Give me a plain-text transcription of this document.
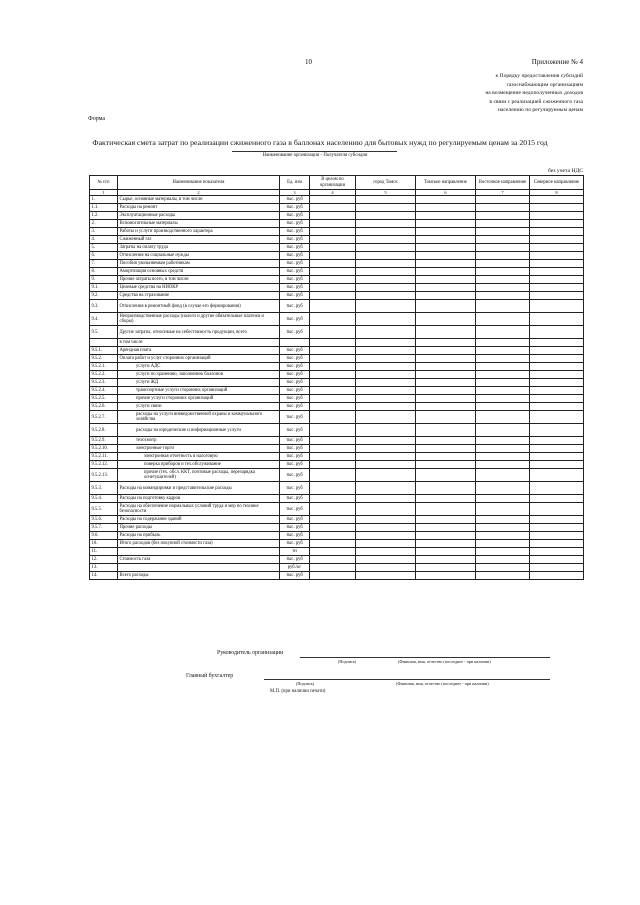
10	Приложение № 4
к Порядку предоставления субсидий
газоснабжающим организациям
на возмещение недополученных доходов
в связи с реализацией сжиженного газа
населению по регулируемым ценам
Форма
Фактическая смета затрат по реализации сжиженного газа в баллонах населению для бытовых нужд по регулируемым ценам за 2015 год
Наименование организации - Получателя субсидии
без учета НДС
№ п/п	Наименование показателя	Ед. изм	В целом по организации	город Томск	Томское направление	Восточное направление	Северное направление
1	2	3	4	5	6	7	8
1.	Сырье, основные материалы, в том числе:	тыс. руб					
1.1.	Расходы на ремонт	тыс. руб					
1.2.	Эксплуатационные расходы	тыс. руб					
2.	Вспомогательные материалы	тыс. руб					
3.	Работы и услуги производственного характера	тыс. руб					
4.	Сжиженный газ	тыс. руб					
5.	Затраты на оплату труда	тыс. руб					
6.	Отчисления на социальные нужды	тыс. руб					
7.	Пособия увольняемым работникам	тыс. руб					
8.	Амортизация основных средств	тыс. руб					
9.	Прочие затраты всего, в том числе:	тыс. руб					
9.1.	Целевые средства на НИОКР	тыс. руб					
9.2.	Средства на страхование	тыс. руб					
9.3.	Отчисления в ремонтный фонд (в случае его формирования)	тыс. руб					
9.4.	Непроизводственные расходы (налоги и другие обязательные платежи и сборы)	тыс. руб					
9.5.	Другие затраты, относимые на себестоимость продукции, всего	тыс. руб					
	в том числе						
9.5.1.	Арендная плата	тыс. руб					
9.5.2.	Оплата работ и услуг сторонних организаций	тыс. руб					
9.5.2.1.	услуги АДС	тыс. руб					
9.5.2.2.	услуги по хранению, заполнению баллонов	тыс. руб					
9.5.2.3.	услуги ЖД	тыс. руб					
9.5.2.4.	транспортные услуги сторонних организаций	тыс. руб					
9.5.2.5.	прочие услуги сторонних организаций	тыс. руб					
9.5.2.6.	услуги связи	тыс. руб					
9.5.2.7.	расходы на услуги вневедомственной охраны и коммунального хозяйства	тыс. руб					
9.5.2.8.	расходы на юридические и информационные услуги	тыс. руб					
9.5.2.9.	техосмотр	тыс. руб					
9.5.2.10.	электронные торги	тыс. руб					
9.5.2.11.	электронная отчетность в налоговую	тыс. руб					
9.5.2.12.	поверка приборов и тех.обслуживание	тыс. руб					
9.5.2.13.	прочие (тех. обсл. ККТ, почтовые расходы, перезарядка огнетушителей)	тыс. руб					
9.5.3.	Расходы на командировки и представительские расходы	тыс. руб					
9.5.4.	Расходы на подготовку кадров	тыс. руб					
9.5.5.	Расходы на обеспечение нормальных условий труда и мер по технике безопасности	тыс. руб					
9.5.6.	Расходы на содержание зданий	тыс. руб					
9.5.7.	Прочие расходы	тыс. руб					
9.6.	Расходы на прибыль	тыс. руб					
10.	Итого расходов (без покупной стоимости газа)	тыс. руб					
11.		тн					
12.	Стоимость газа	тыс. руб					
13.		руб./кг					
14.	Всего расходы	тыс. руб					
Руководитель организации
(Подпись)	(Фамилия, имя, отчество (последнее - при наличии)
Главный бухгалтер
(Подпись)	(Фамилия, имя, отчество (последнее - при наличии)
М.П. (при наличии печати)
